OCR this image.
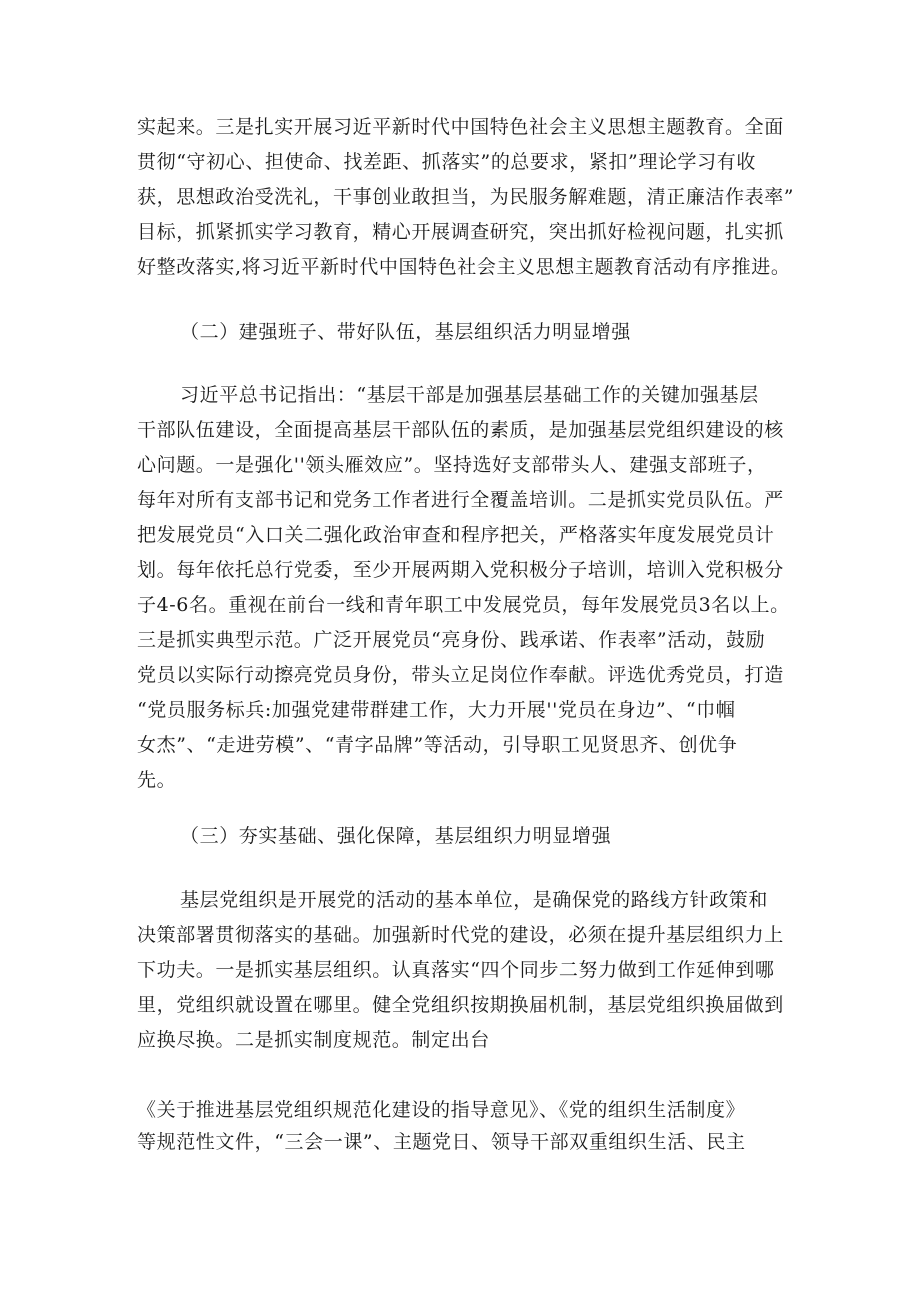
实起来。三是扎实开展习近平新时代中国特色社会主义思想主题教育。全面
贯彻“守初心、担使命、找差距、抓落实”的总要求，紧扣”理论学习有收
获，思想政治受洗礼，干事创业敢担当，为民服务解难题，清正廉洁作表率”
目标，抓紧抓实学习教育，精心开展调查研究，突出抓好检视问题，扎实抓
好整改落实,将习近平新时代中国特色社会主义思想主题教育活动有序推进。
（二）建强班子、带好队伍，基层组织活力明显增强
习近平总书记指出：“基层干部是加强基层基础工作的关键加强基层
干部队伍建设，全面提高基层干部队伍的素质，是加强基层党组织建设的核
心问题。一是强化''领头雁效应”。坚持选好支部带头人、建强支部班子，
每年对所有支部书记和党务工作者进行全覆盖培训。二是抓实党员队伍。严
把发展党员“入口关二强化政治审查和程序把关，严格落实年度发展党员计
划。每年依托总行党委，至少开展两期入党积极分子培训，培训入党积极分
子4-6名。重视在前台一线和青年职工中发展党员，每年发展党员3名以上。
三是抓实典型示范。广泛开展党员“亮身份、践承诺、作表率”活动，鼓励
党员以实际行动擦亮党员身份，带头立足岗位作奉献。评选优秀党员，打造
“党员服务标兵:加强党建带群建工作，大力开展''党员在身边”、“巾帼
女杰”、“走进劳模”、“青字品牌”等活动，引导职工见贤思齐、创优争
先。
（三）夯实基础、强化保障，基层组织力明显增强
基层党组织是开展党的活动的基本单位，是确保党的路线方针政策和
决策部署贯彻落实的基础。加强新时代党的建设，必须在提升基层组织力上
下功夫。一是抓实基层组织。认真落实“四个同步二努力做到工作延伸到哪
里，党组织就设置在哪里。健全党组织按期换届机制，基层党组织换届做到
应换尽换。二是抓实制度规范。制定出台
《关于推进基层党组织规范化建设的指导意见》、《党的组织生活制度》
等规范性文件，“三会一课”、主题党日、领导干部双重组织生活、民主
